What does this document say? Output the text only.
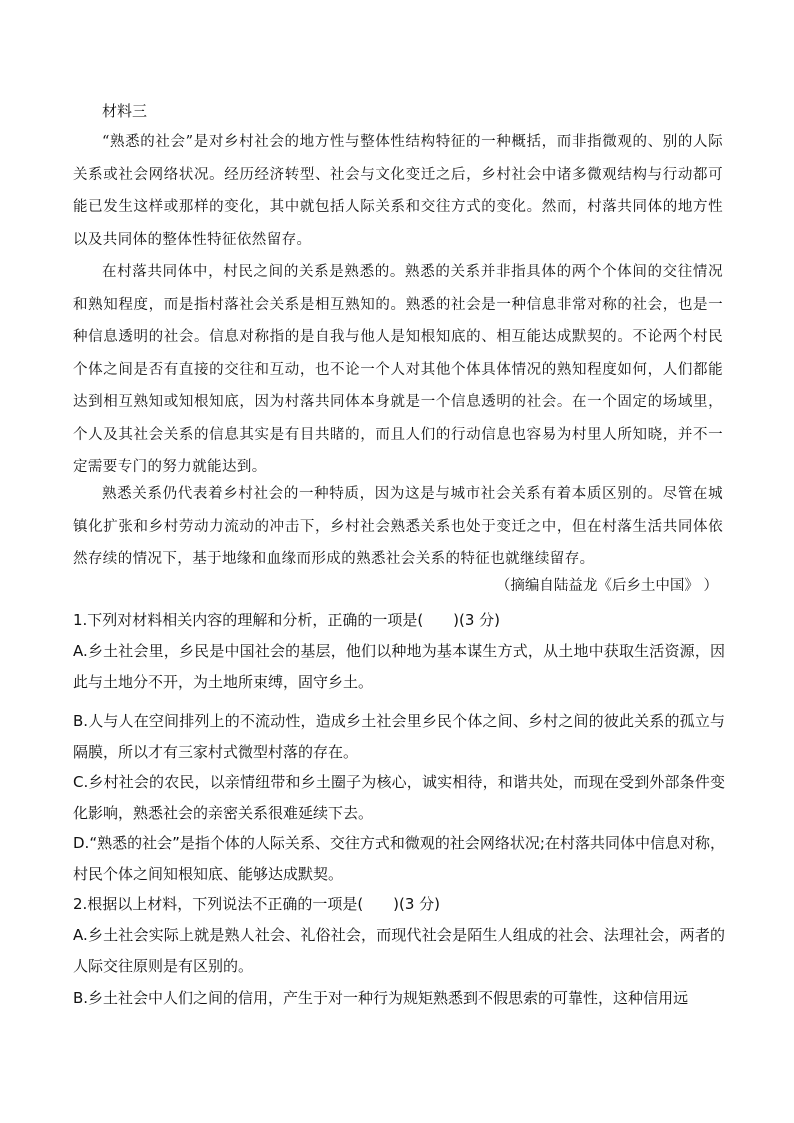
材料三

“熟悉的社会”是对乡村社会的地方性与整体性结构特征的一种概括，而非指微观的、别的人际关系或社会网络状况。经历经济转型、社会与文化变迁之后，乡村社会中诸多微观结构与行动都可能已发生这样或那样的变化，其中就包括人际关系和交往方式的变化。然而，村落共同体的地方性以及共同体的整体性特征依然留存。

在村落共同体中，村民之间的关系是熟悉的。熟悉的关系并非指具体的两个个体间的交往情况和熟知程度，而是指村落社会关系是相互熟知的。熟悉的社会是一种信息非常对称的社会，也是一种信息透明的社会。信息对称指的是自我与他人是知根知底的、相互能达成默契的。不论两个村民个体之间是否有直接的交往和互动，也不论一个人对其他个体具体情况的熟知程度如何，人们都能达到相互熟知或知根知底，因为村落共同体本身就是一个信息透明的社会。在一个固定的场域里，个人及其社会关系的信息其实是有目共睹的，而且人们的行动信息也容易为村里人所知晓，并不一定需要专门的努力就能达到。

熟悉关系仍代表着乡村社会的一种特质，因为这是与城市社会关系有着本质区别的。尽管在城镇化扩张和乡村劳动力流动的冲击下，乡村社会熟悉关系也处于变迁之中，但在村落生活共同体依然存续的情况下，基于地缘和血缘而形成的熟悉社会关系的特征也就继续留存。

（摘编自陆益龙《后乡土中国》 ）

1.下列对材料相关内容的理解和分析，正确的一项是(　　)(3 分)

A.乡土社会里，乡民是中国社会的基层，他们以种地为基本谋生方式，从土地中获取生活资源，因此与土地分不开，为土地所束缚，固守乡土。

B.人与人在空间排列上的不流动性，造成乡土社会里乡民个体之间、乡村之间的彼此关系的孤立与隔膜，所以才有三家村式微型村落的存在。

C.乡村社会的农民，以亲情纽带和乡土圈子为核心，诚实相待，和谐共处，而现在受到外部条件变化影响，熟悉社会的亲密关系很难延续下去。

D.“熟悉的社会”是指个体的人际关系、交往方式和微观的社会网络状况;在村落共同体中信息对称，村民个体之间知根知底、能够达成默契。

2.根据以上材料，下列说法不正确的一项是(　　)(3 分)

A.乡土社会实际上就是熟人社会、礼俗社会，而现代社会是陌生人组成的社会、法理社会，两者的人际交往原则是有区别的。

B.乡土社会中人们之间的信用，产生于对一种行为规矩熟悉到不假思索的可靠性，这种信用远
